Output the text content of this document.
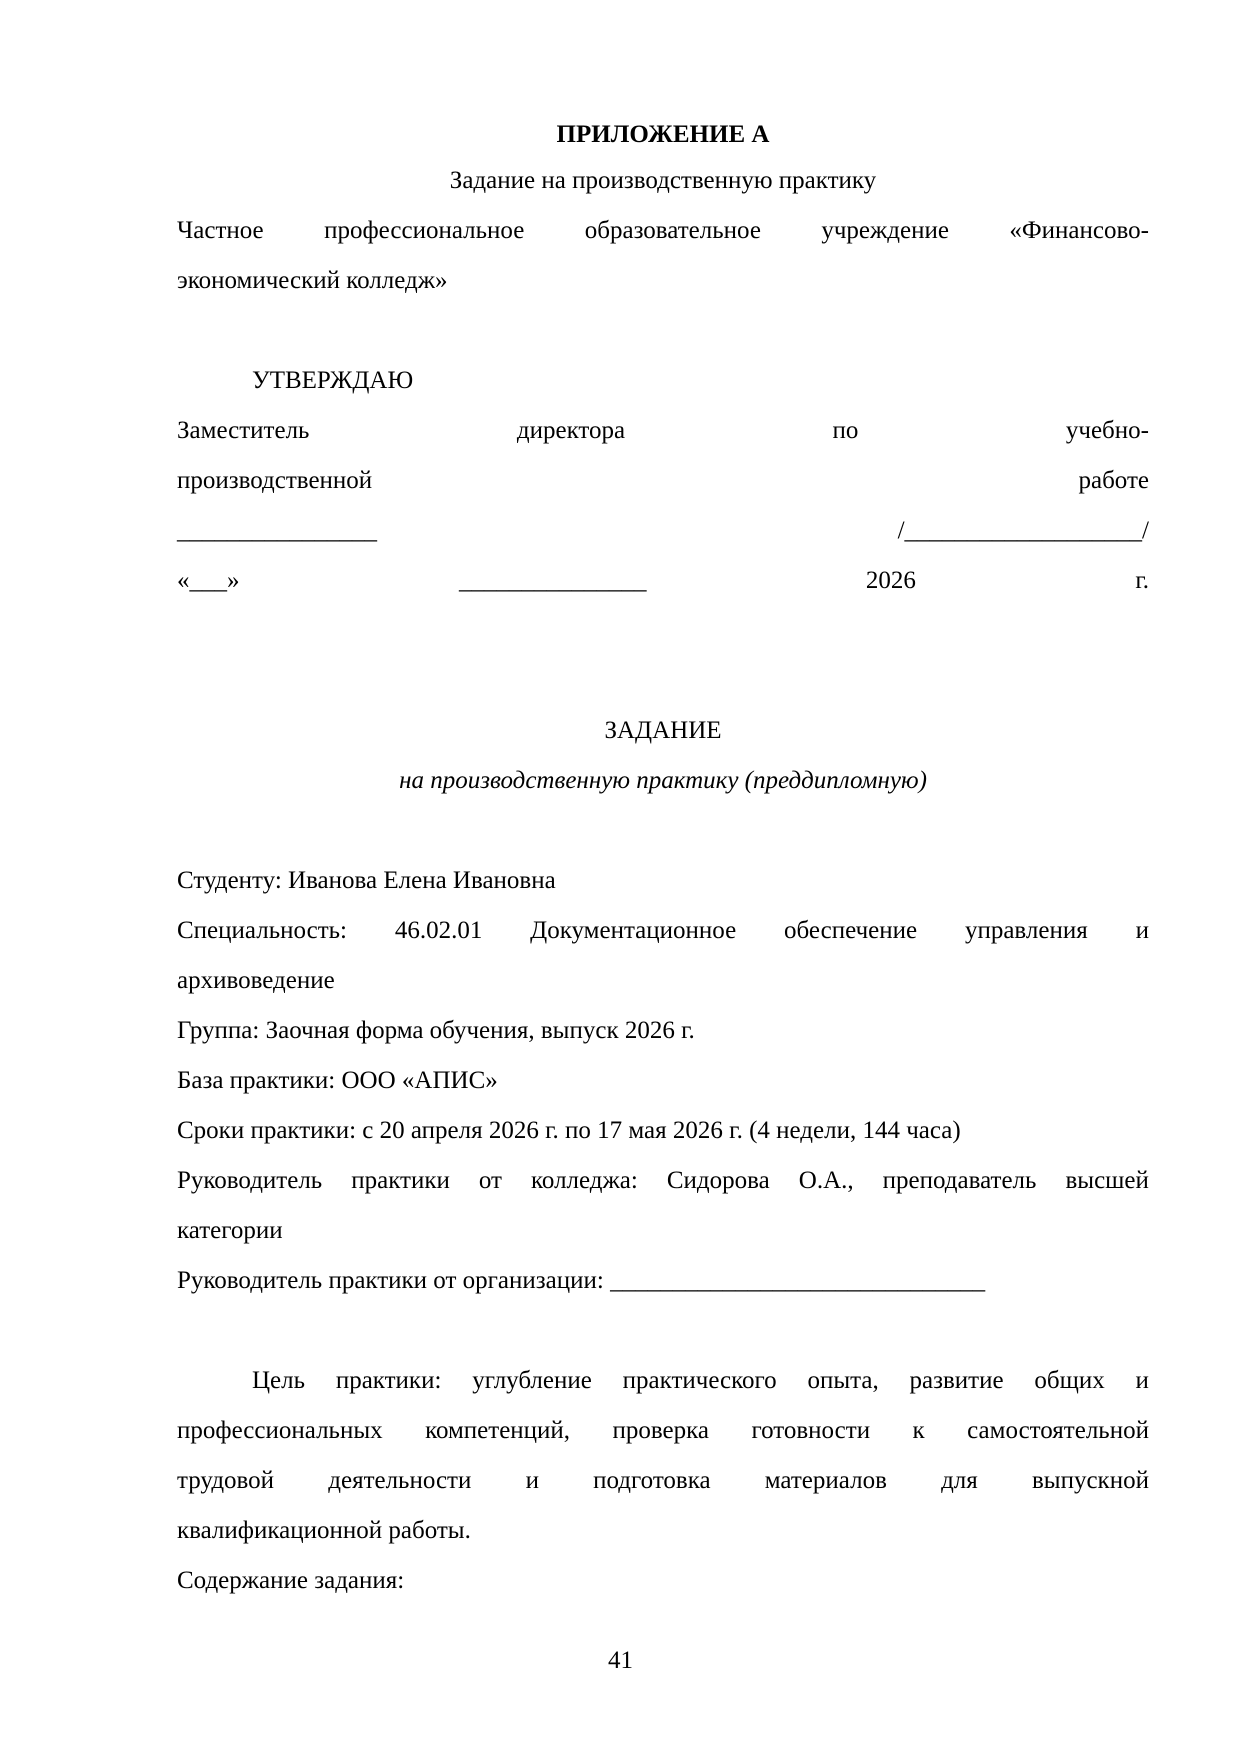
ПРИЛОЖЕНИЕ А
Задание на производственную практику
Частное профессиональное образовательное учреждение «Финансово-
экономический колледж»
УТВЕРЖДАЮ
Заместитель	директора	по	учебно-
производственной	работе
________________	/___________________/
«___»	_______________	2026	г.
ЗАДАНИЕ
на производственную практику (преддипломную)
Студенту: Иванова Елена Ивановна
Специальность: 46.02.01 Документационное обеспечение управления и
архивоведение
Группа: Заочная форма обучения, выпуск 2026 г.
База практики: ООО «АПИС»
Сроки практики: с 20 апреля 2026 г. по 17 мая 2026 г. (4 недели, 144 часа)
Руководитель практики от колледжа: Сидорова О.А., преподаватель высшей
категории
Руководитель практики от организации: ______________________________
Цель практики: углубление практического опыта, развитие общих и
профессиональных компетенций, проверка готовности к самостоятельной
трудовой деятельности и подготовка материалов для выпускной
квалификационной работы.
Содержание задания:
41
